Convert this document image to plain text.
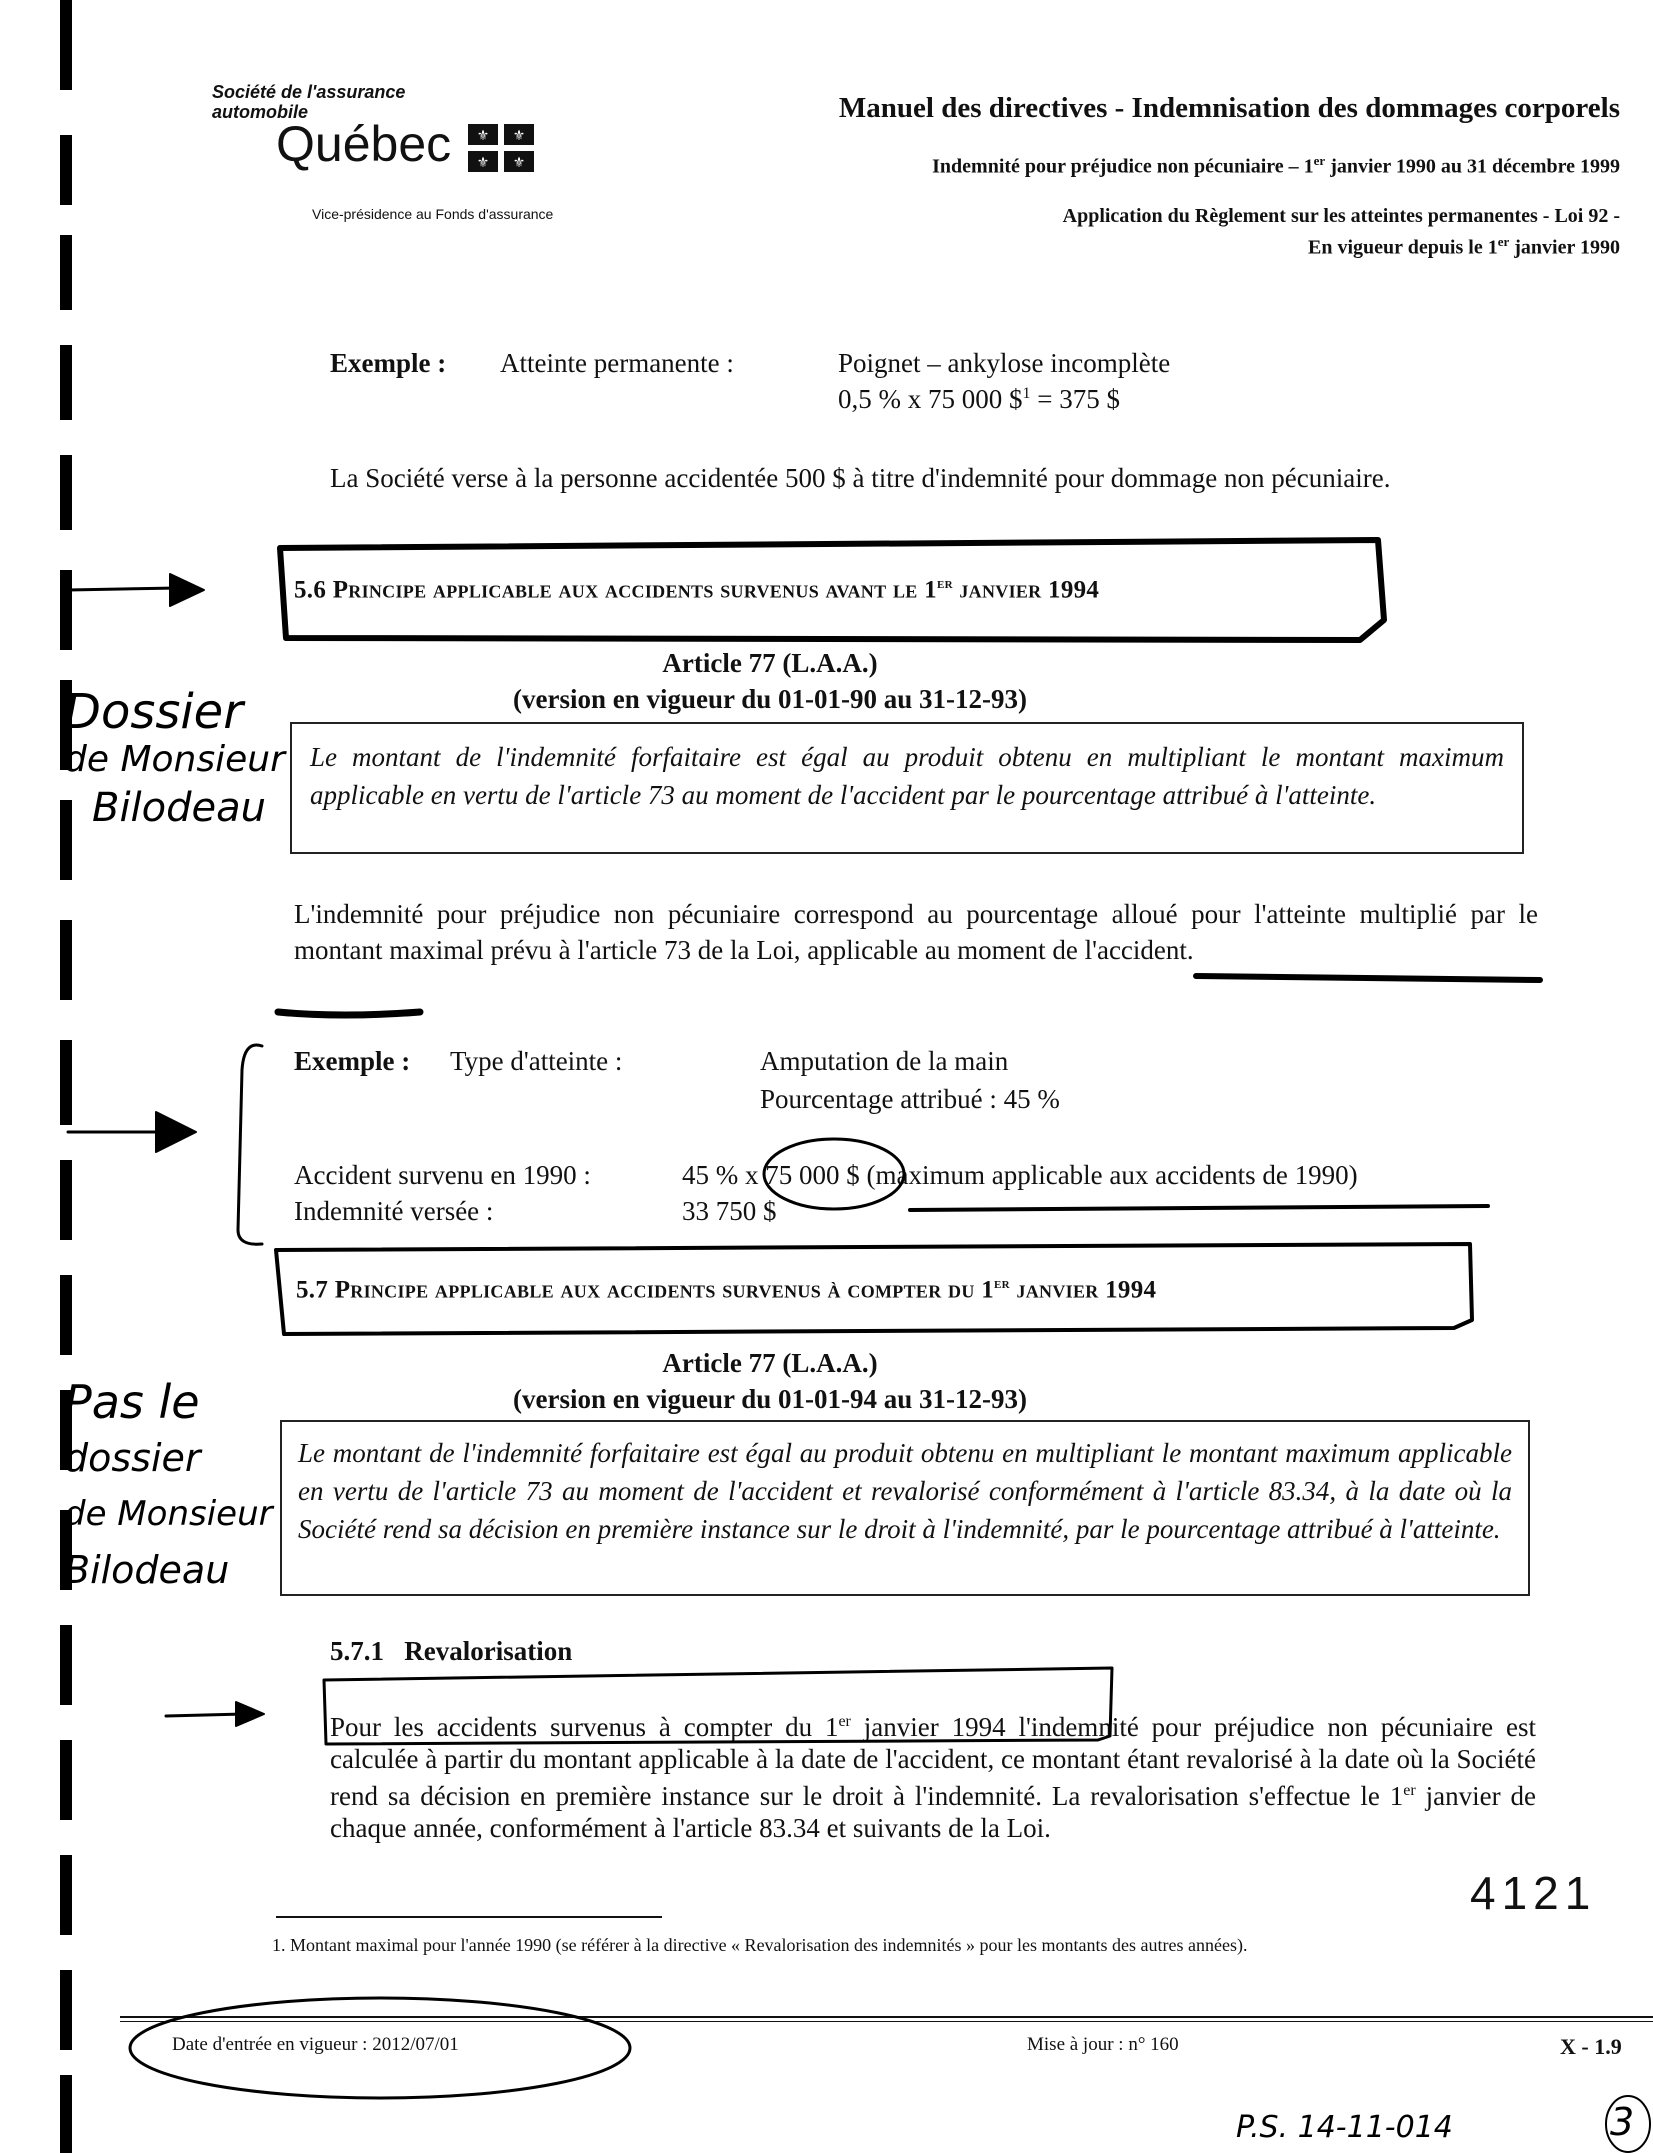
Société de l'assurance
automobile
Québec ⚜ ⚜
⚜ ⚜
Vice-présidence au Fonds d'assurance
Manuel des directives - Indemnisation des dommages corporels
Indemnité pour préjudice non pécuniaire – 1er janvier 1990 au 31 décembre 1999
Application du Règlement sur les atteintes permanentes - Loi 92 -
En vigueur depuis le 1er janvier 1990
Exemple : Atteinte permanente :	Poignet – ankylose incomplète
0,5 % x 75 000 \$$^1$ = 375 $
La Société verse à la personne accidentée 500 $ à titre d'indemnité pour dommage non pécuniaire.
5.6 Principe applicable aux accidents survenus avant le 1er janvier 1994
Article 77 (L.A.A.)
(version en vigueur du 01-01-90 au 31-12-93)
Le montant de l'indemnité forfaitaire est égal au produit obtenu en multipliant le montant maximum applicable en vertu de l'article 73 au moment de l'accident par le pourcentage attribué à l'atteinte.
L'indemnité pour préjudice non pécuniaire correspond au pourcentage alloué pour l'atteinte multiplié par le montant maximal prévu à l'article 73 de la Loi, applicable au moment de l'accident.
Exemple : Type d'atteinte :	Amputation de la main
Pourcentage attribué : 45 %
Accident survenu en 1990 :	45 % x 75 000 $ (maximum applicable aux accidents de 1990)
Indemnité versée :	33 750 $
5.7 Principe applicable aux accidents survenus à compter du 1er janvier 1994
Article 77 (L.A.A.)
(version en vigueur du 01-01-94 au 31-12-93)
Le montant de l'indemnité forfaitaire est égal au produit obtenu en multipliant le montant maximum applicable en vertu de l'article 73 au moment de l'accident et revalorisé conformément à l'article 83.34, à la date où la Société rend sa décision en première instance sur le droit à l'indemnité, par le pourcentage attribué à l'atteinte.
5.7.1   Revalorisation
Pour les accidents survenus à compter du 1er janvier 1994 l'indemnité pour préjudice non pécuniaire est calculée à partir du montant applicable à la date de l'accident, ce montant étant revalorisé à la date où la Société rend sa décision en première instance sur le droit à l'indemnité. La revalorisation s'effectue le 1er janvier de chaque année, conformément à l'article 83.34 et suivants de la Loi.
4121
1. Montant maximal pour l'année 1990 (se référer à la directive « Revalorisation des indemnités » pour les montants des autres années).
Date d'entrée en vigueur : 2012/07/01	Mise à jour : n° 160	X - 1.9
Dossier
de Monsieur
Bilodeau
Pas le
dossier
de Monsieur
Bilodeau
P.S. 14-11-014	3
